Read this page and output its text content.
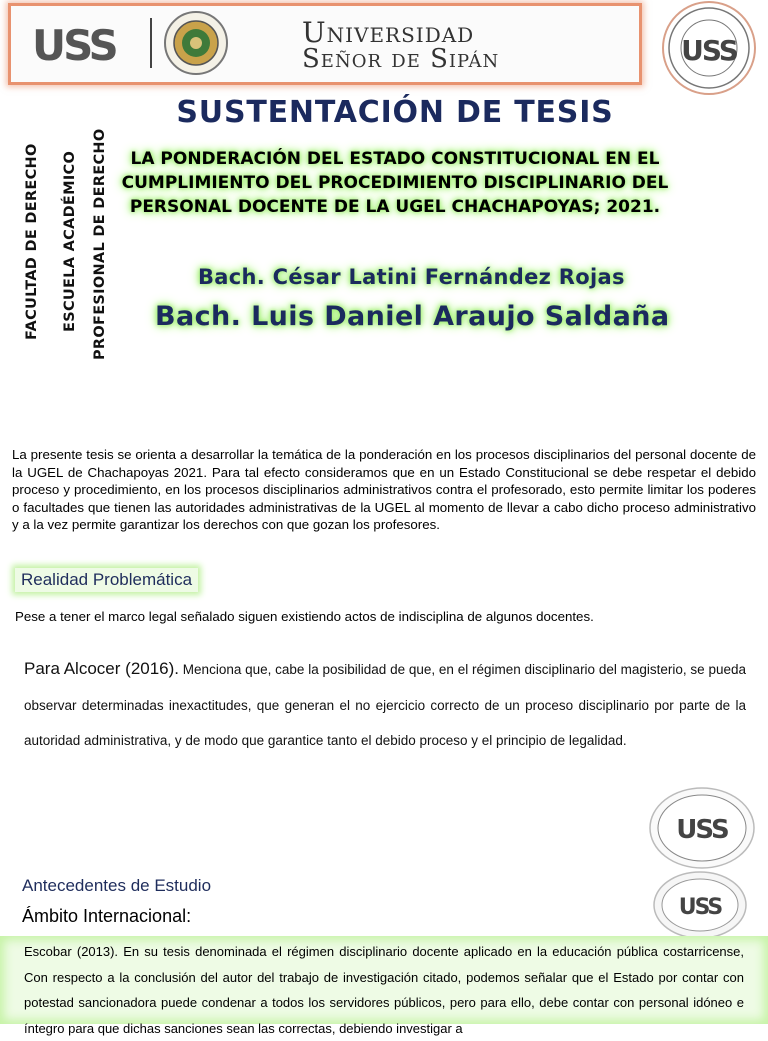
USS	Universidad
Señor de Sipán	USS
FACULTAD DE DERECHO ESCUELA ACADÉMICO PROFESIONAL DE DERECHO
SUSTENTACIÓN DE TESIS
LA PONDERACIÓN DEL ESTADO CONSTITUCIONAL EN EL CUMPLIMIENTO DEL PROCEDIMIENTO DISCIPLINARIO DEL PERSONAL DOCENTE DE LA UGEL CHACHAPOYAS; 2021.
Bach. César Latini Fernández Rojas
Bach. Luis Daniel Araujo Saldaña
La presente tesis se orienta a desarrollar la temática de la ponderación en los procesos disciplinarios del personal docente de la UGEL de Chachapoyas 2021. Para tal efecto consideramos que en un Estado Constitucional se debe respetar el debido proceso y procedimiento, en los procesos disciplinarios administrativos contra el profesorado, esto permite limitar los poderes o facultades que tienen las autoridades administrativas de la UGEL al momento de llevar a cabo dicho proceso administrativo y a la vez permite garantizar los derechos con que gozan los profesores.
Realidad Problemática
Pese a tener el marco legal señalado siguen existiendo actos de indisciplina de algunos docentes.
Para Alcocer (2016). Menciona que, cabe la posibilidad de que, en el régimen disciplinario del magisterio, se pueda observar determinadas inexactitudes, que generan el no ejercicio correcto de un proceso disciplinario por parte de la autoridad administrativa, y de modo que garantice tanto el debido proceso y el principio de legalidad.
USS
USS
Antecedentes de Estudio
Ámbito Internacional:
Escobar (2013). En su tesis denominada el régimen disciplinario docente aplicado en la educación pública costarricense, Con respecto a la conclusión del autor del trabajo de investigación citado, podemos señalar que el Estado por contar con potestad sancionadora puede condenar a todos los servidores públicos, pero para ello, debe contar con personal idóneo e íntegro para que dichas sanciones sean las correctas, debiendo investigar a
